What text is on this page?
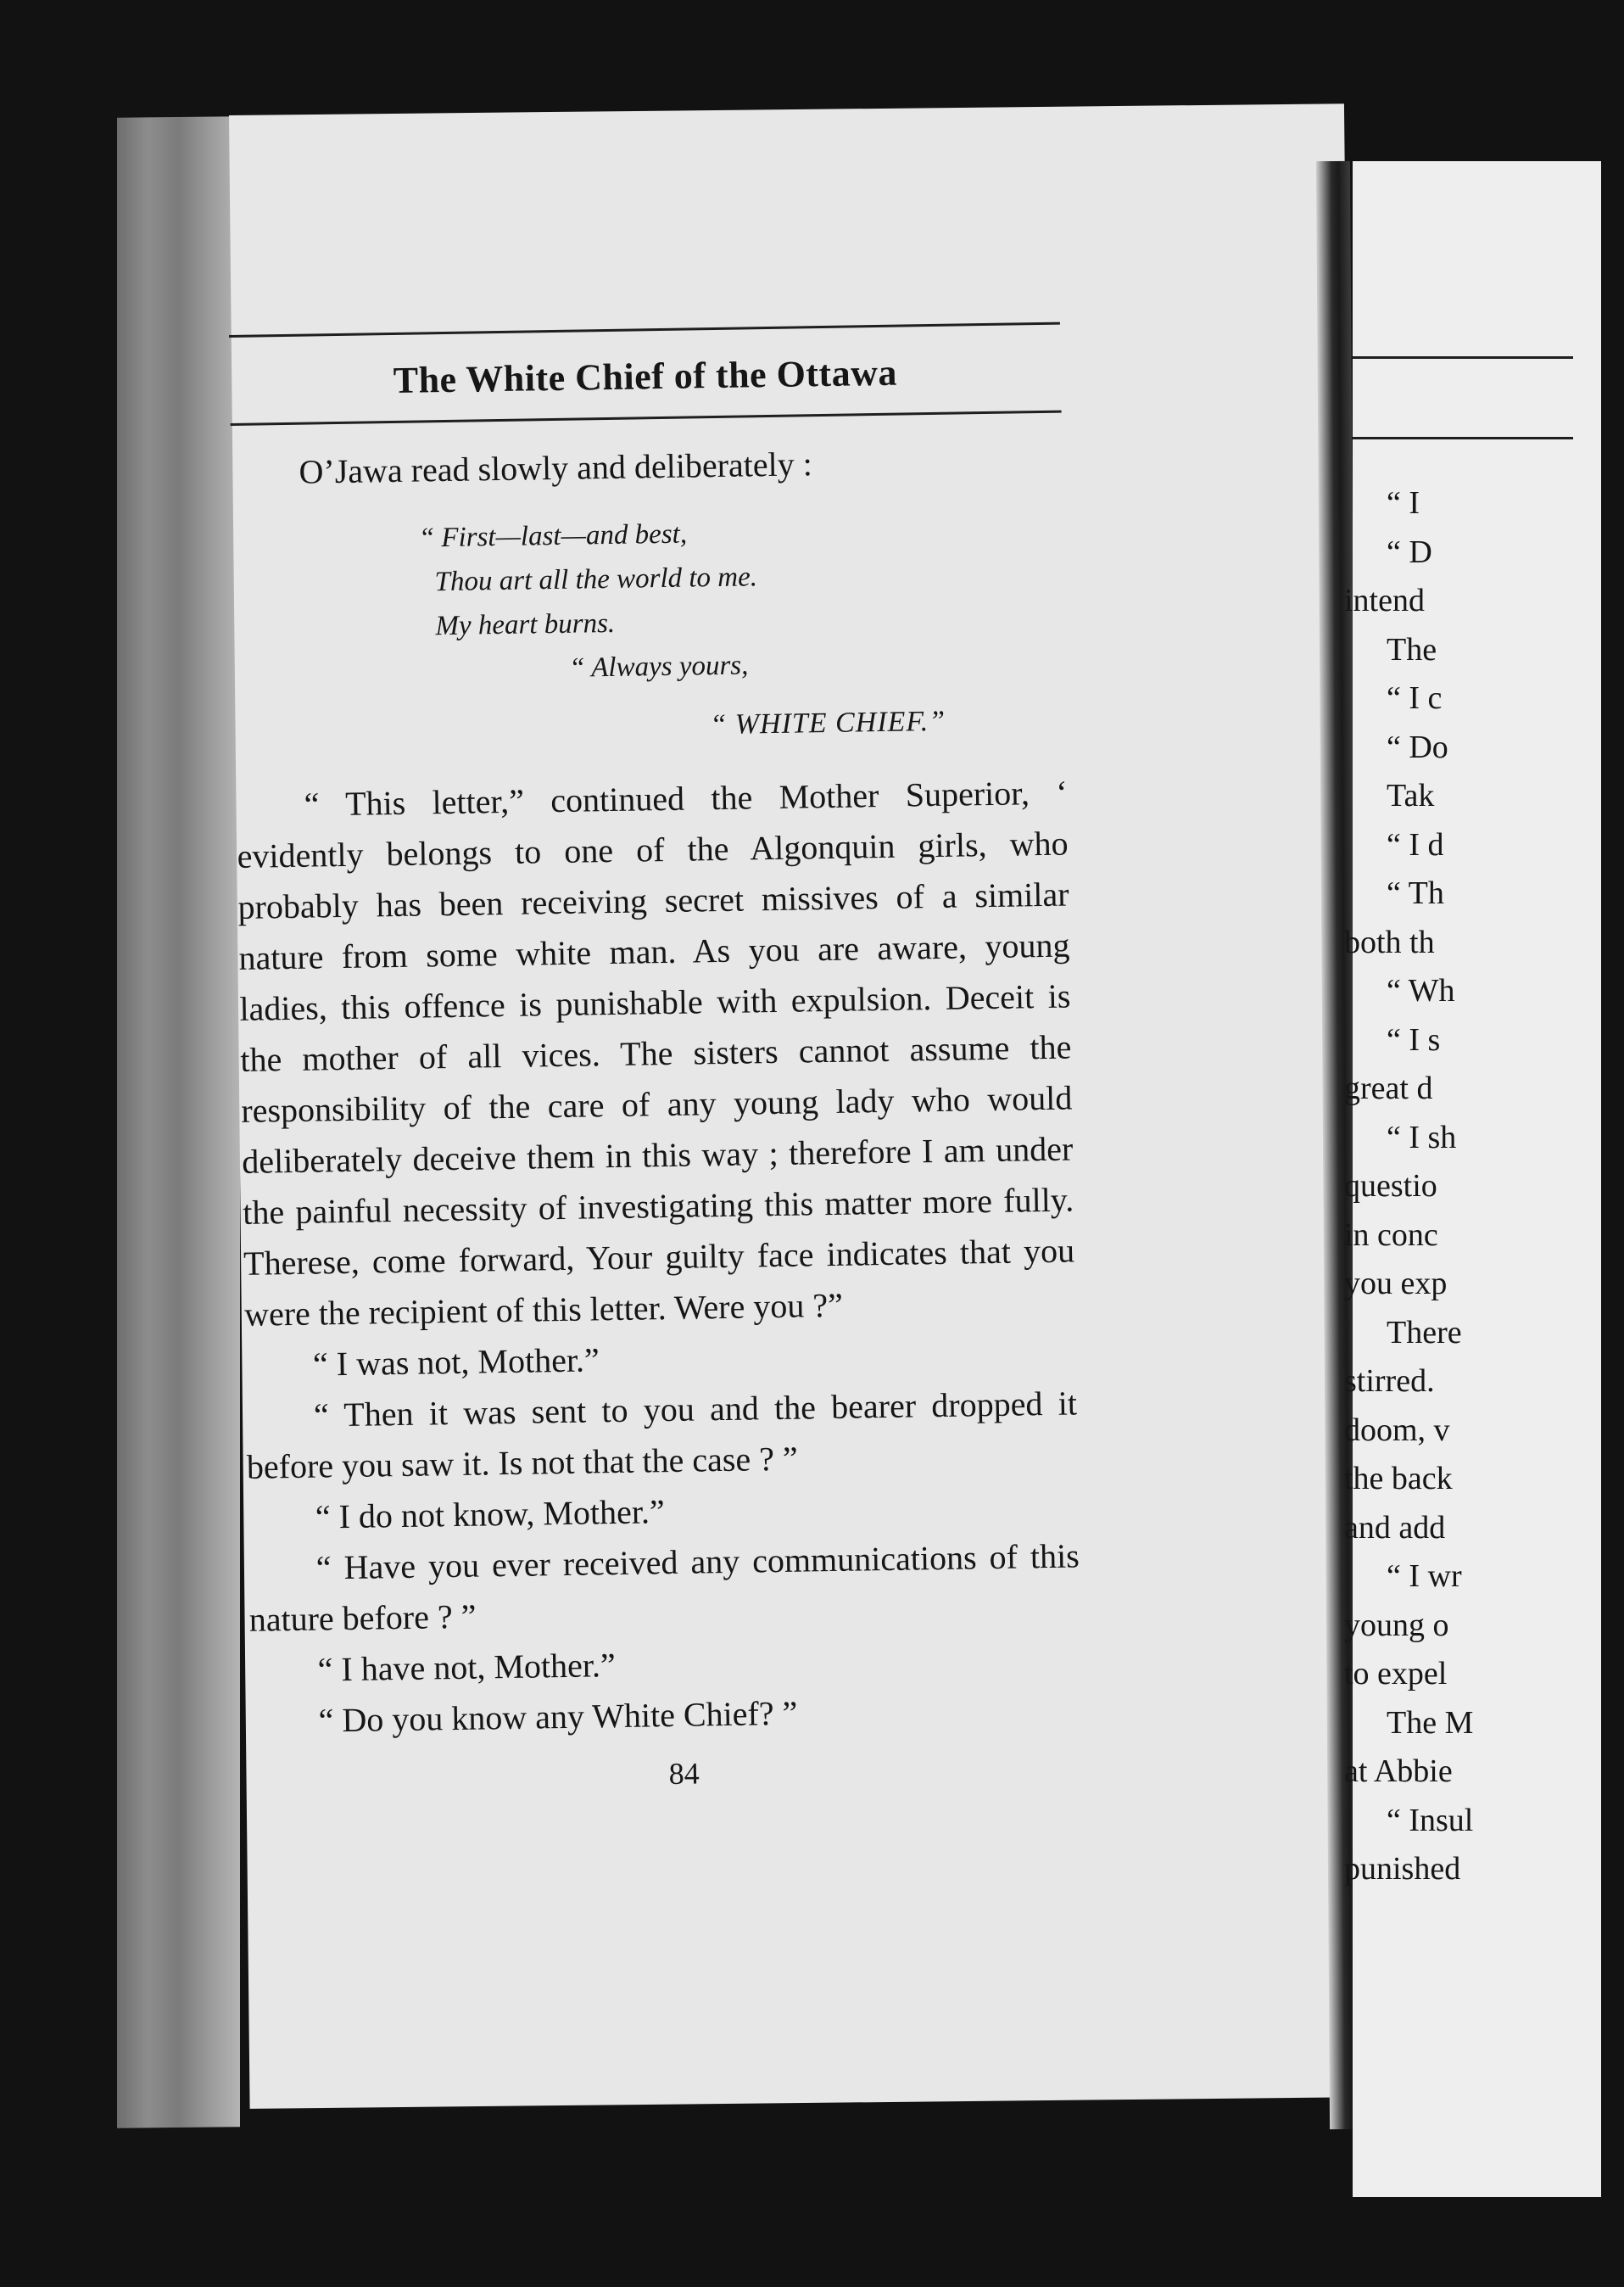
“ I
“ D
intend
The
“ I c
“ Do
Tak
“ I d
“ Th
both th
“ Wh
“ I s
great d
“ I sh
questio
in conc
you exp
There
stirred.
doom, v
the back
and add
“ I wr
young o
to expel
The M
at Abbie
“ Insul
punished
The White Chief of the Ottawa

O’Jawa read slowly and deliberately :

“ First—last—and best,
Thou art all the world to me.
My heart burns.
“ Always yours,
“ WHITE CHIEF.”

“ This letter,” continued the Mother Superior, ‘ evidently belongs to one of the Algonquin girls, who probably has been receiving secret missives of a similar nature from some white man. As you are aware, young ladies, this offence is punishable with expulsion. Deceit is the mother of all vices. The sisters cannot assume the responsibility of the care of any young lady who would deliberately deceive them in this way ; therefore I am under the painful necessity of investigating this matter more fully. Therese, come forward, Your guilty face indicates that you were the recipient of this letter. Were you ?”

“ I was not, Mother.”

“ Then it was sent to you and the bearer dropped it before you saw it. Is not that the case ? ”

“ I do not know, Mother.”

“ Have you ever received any communications of this nature before ? ”

“ I have not, Mother.”

“ Do you know any White Chief? ”

84
